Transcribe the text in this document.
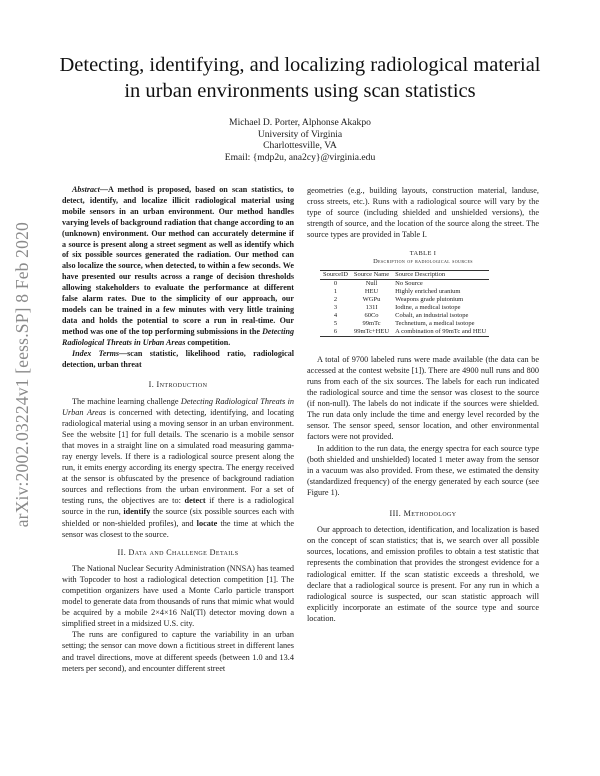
arXiv:2002.03224v1 [eess.SP] 8 Feb 2020
Detecting, identifying, and localizing radiological material in urban environments using scan statistics
Michael D. Porter, Alphonse Akakpo
University of Virginia
Charlottesville, VA
Email: {mdp2u, ana2cy}@virginia.edu

Abstract—A method is proposed, based on scan statistics, to detect, identify, and localize illicit radiological material using mobile sensors in an urban environment. Our method handles varying levels of background radiation that change according to an (unknown) environment. Our method can accurately determine if a source is present along a street segment as well as identify which of six possible sources generated the radiation. Our method can also localize the source, when detected, to within a few seconds. We have presented our results across a range of decision thresholds allowing stakeholders to evaluate the performance at different false alarm rates. Due to the simplicity of our approach, our models can be trained in a few minutes with very little training data and holds the potential to score a run in real-time. Our method was one of the top performing submissions in the Detecting Radiological Threats in Urban Areas competition.

Index Terms—scan statistic, likelihood ratio, radiological detection, urban threat

I. Introduction

The machine learning challenge Detecting Radiological Threats in Urban Areas is concerned with detecting, identifying, and locating radiological material using a moving sensor in an urban environment. See the website [1] for full details. The scenario is a mobile sensor that moves in a straight line on a simulated road measuring gamma-ray energy levels. If there is a radiological source present along the run, it emits energy according its energy spectra. The energy received at the sensor is obfuscated by the presence of background radiation sources and reflections from the urban environment. For a set of testing runs, the objectives are to: detect if there is a radiological source in the run, identify the source (six possible sources each with shielded or non-shielded profiles), and locate the time at which the sensor was closest to the source.

II. Data and Challenge Details

The National Nuclear Security Administration (NNSA) has teamed with Topcoder to host a radiological detection competition [1]. The competition organizers have used a Monte Carlo particle transport model to generate data from thousands of runs that mimic what would be acquired by a mobile 2×4×16 NaI(Tl) detector moving down a simplified street in a midsized U.S. city.

The runs are configured to capture the variability in an urban setting; the sensor can move down a fictitious street in different lanes and travel directions, move at different speeds (between 1.0 and 13.4 meters per second), and encounter different street

geometries (e.g., building layouts, construction material, landuse, cross streets, etc.). Runs with a radiological source will vary by the type of source (including shielded and unshielded versions), the strength of source, and the location of the source along the street. The source types are provided in Table I.

TABLE I
Description of radiological sources
SourceID	Source Name	Source Description
0	Null	No Source
1	HEU	Highly enriched uranium
2	WGPu	Weapons grade plutonium
3	131I	Iodine, a medical isotope
4	60Co	Cobalt, an industrial isotope
5	99mTc	Technetium, a medical isotope
6	99mTc+HEU	A combination of 99mTc and HEU

A total of 9700 labeled runs were made available (the data can be accessed at the contest website [1]). There are 4900 null runs and 800 runs from each of the six sources. The labels for each run indicated the radiological source and time the sensor was closest to the source (if non-null). The labels do not indicate if the sources were shielded. The run data only include the time and energy level recorded by the sensor. The sensor speed, sensor location, and other environmental factors were not provided.

In addition to the run data, the energy spectra for each source type (both shielded and unshielded) located 1 meter away from the sensor in a vacuum was also provided. From these, we estimated the density (standardized frequency) of the energy generated by each source (see Figure 1).

III. Methodology

Our approach to detection, identification, and localization is based on the concept of scan statistics; that is, we search over all possible sources, locations, and emission profiles to obtain a test statistic that represents the combination that provides the strongest evidence for a radiological emitter. If the scan statistic exceeds a threshold, we declare that a radiological source is present. For any run in which a radiological source is suspected, our scan statistic approach will explicitly incorporate an estimate of the source type and source location.
